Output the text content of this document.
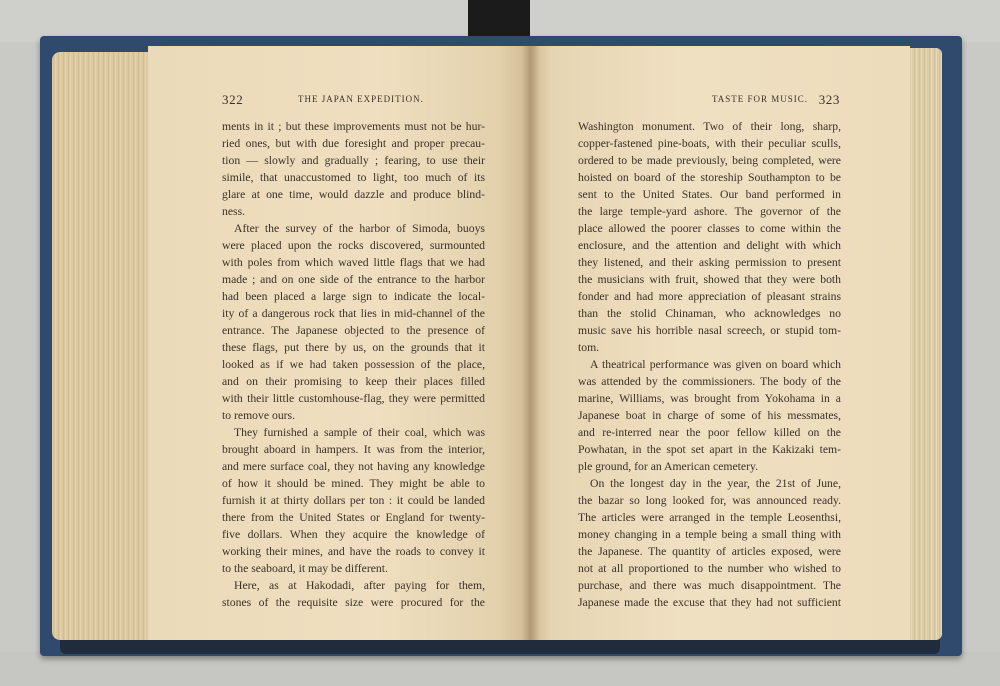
322	THE JAPAN EXPEDITION.
ments in it ; but these improvements must not be hur-
ried ones, but with due foresight and proper precau-
tion — slowly and gradually ; fearing, to use their
simile, that unaccustomed to light, too much of its
glare at one time, would dazzle and produce blind-
ness.
After the survey of the harbor of Simoda, buoys
were placed upon the rocks discovered, surmounted
with poles from which waved little flags that we had
made ; and on one side of the entrance to the harbor
had been placed a large sign to indicate the local-
ity of a dangerous rock that lies in mid-channel of the
entrance. The Japanese objected to the presence of
these flags, put there by us, on the grounds that it
looked as if we had taken possession of the place,
and on their promising to keep their places filled
with their little customhouse-flag, they were permitted
to remove ours.
They furnished a sample of their coal, which was
brought aboard in hampers. It was from the interior,
and mere surface coal, they not having any knowledge
of how it should be mined. They might be able to
furnish it at thirty dollars per ton : it could be landed
there from the United States or England for twenty-
five dollars. When they acquire the knowledge of
working their mines, and have the roads to convey it
to the seaboard, it may be different.
Here, as at Hakodadi, after paying for them,
stones of the requisite size were procured for the
TASTE FOR MUSIC. 323
Washington monument. Two of their long, sharp,
copper-fastened pine-boats, with their peculiar sculls,
ordered to be made previously, being completed, were
hoisted on board of the storeship Southampton to be
sent to the United States. Our band performed in
the large temple-yard ashore. The governor of the
place allowed the poorer classes to come within the
enclosure, and the attention and delight with which
they listened, and their asking permission to present
the musicians with fruit, showed that they were both
fonder and had more appreciation of pleasant strains
than the stolid Chinaman, who acknowledges no
music save his horrible nasal screech, or stupid tom-
tom.
A theatrical performance was given on board which
was attended by the commissioners. The body of the
marine, Williams, was brought from Yokohama in a
Japanese boat in charge of some of his messmates,
and re-interred near the poor fellow killed on the
Powhatan, in the spot set apart in the Kakizaki tem-
ple ground, for an American cemetery.
On the longest day in the year, the 21st of June,
the bazar so long looked for, was announced ready.
The articles were arranged in the temple Leosenthsi,
money changing in a temple being a small thing with
the Japanese. The quantity of articles exposed, were
not at all proportioned to the number who wished to
purchase, and there was much disappointment. The
Japanese made the excuse that they had not sufficient
